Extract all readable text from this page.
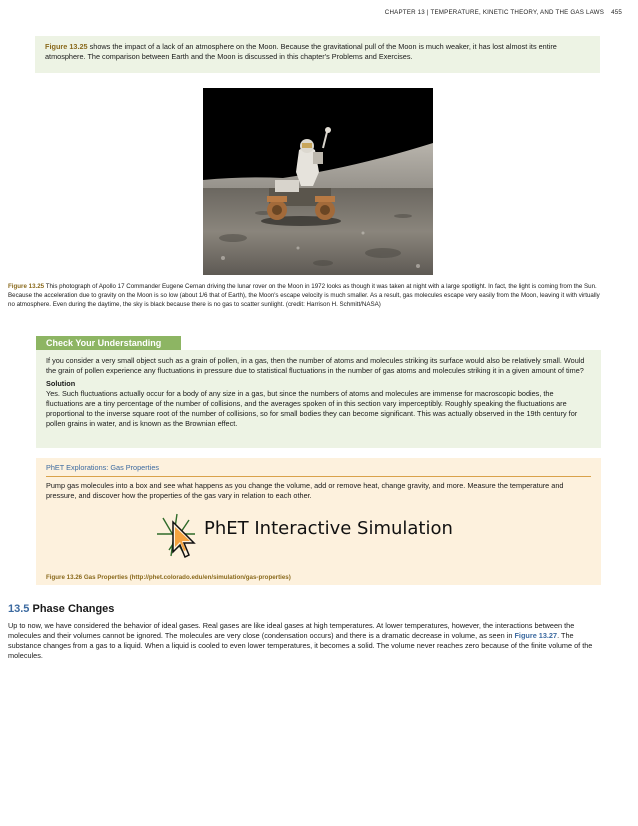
CHAPTER 13 | TEMPERATURE, KINETIC THEORY, AND THE GAS LAWS 455
Figure 13.25 shows the impact of a lack of an atmosphere on the Moon. Because the gravitational pull of the Moon is much weaker, it has lost almost its entire atmosphere. The comparison between Earth and the Moon is discussed in this chapter's Problems and Exercises.
Figure 13.25 This photograph of Apollo 17 Commander Eugene Cernan driving the lunar rover on the Moon in 1972 looks as though it was taken at night with a large spotlight. In fact, the light is coming from the Sun. Because the acceleration due to gravity on the Moon is so low (about 1/6 that of Earth), the Moon's escape velocity is much smaller. As a result, gas molecules escape very easily from the Moon, leaving it with virtually no atmosphere. Even during the daytime, the sky is black because there is no gas to scatter sunlight. (credit: Harrison H. Schmitt/NASA)
Check Your Understanding

If you consider a very small object such as a grain of pollen, in a gas, then the number of atoms and molecules striking its surface would also be relatively small. Would the grain of pollen experience any fluctuations in pressure due to statistical fluctuations in the number of gas atoms and molecules striking it in a given amount of time?

Solution

Yes. Such fluctuations actually occur for a body of any size in a gas, but since the numbers of atoms and molecules are immense for macroscopic bodies, the fluctuations are a tiny percentage of the number of collisions, and the averages spoken of in this section vary imperceptibly. Roughly speaking the fluctuations are proportional to the inverse square root of the number of collisions, so for small bodies they can become significant. This was actually observed in the 19th century for pollen grains in water, and is known as the Brownian effect.

PhET Explorations: Gas Properties
Pump gas molecules into a box and see what happens as you change the volume, add or remove heat, change gravity, and more. Measure the temperature and pressure, and discover how the properties of the gas vary in relation to each other.
PhET Interactive Simulation
Figure 13.26 Gas Properties (http://phet.colorado.edu/en/simulation/gas-properties)
13.5 Phase Changes
Up to now, we have considered the behavior of ideal gases. Real gases are like ideal gases at high temperatures. At lower temperatures, however, the interactions between the molecules and their volumes cannot be ignored. The molecules are very close (condensation occurs) and there is a dramatic decrease in volume, as seen in Figure 13.27. The substance changes from a gas to a liquid. When a liquid is cooled to even lower temperatures, it becomes a solid. The volume never reaches zero because of the finite volume of the molecules.
